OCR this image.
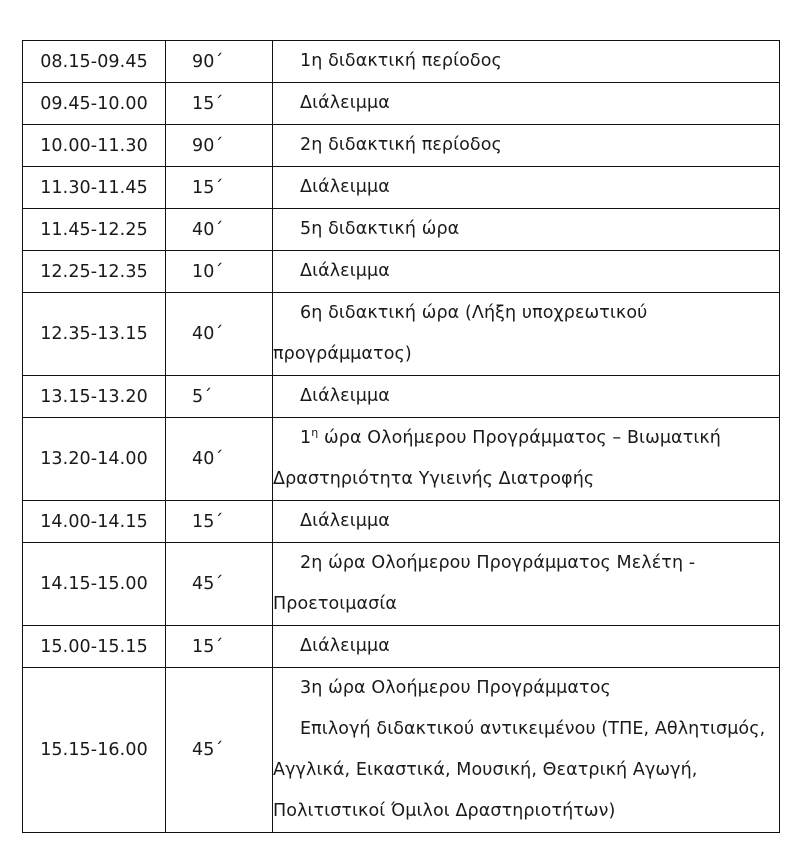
08.15-09.45	90΄	1η διδακτική περίοδος

09.45-10.00	15΄	Διάλειμμα

10.00-11.30	90΄	2η διδακτική περίοδος

11.30-11.45	15΄	Διάλειμμα

11.45-12.25	40΄	5η διδακτική ώρα

12.25-12.35	10΄	Διάλειμμα

12.35-13.15	40΄	6η διδακτική ώρα (Λήξη υποχρεωτικού
προγράμματος)

13.15-13.20	5΄	Διάλειμμα

13.20-14.00	40΄	$1^\eta$ ώρα Ολοήμερου Προγράμματος – Βιωματική
Δραστηριότητα Υγιεινής Διατροφής

14.00-14.15	15΄	Διάλειμμα

14.15-15.00	45΄	2η ώρα Ολοήμερου Προγράμματος Μελέτη -
Προετοιμασία

15.00-15.15	15΄	Διάλειμμα

15.15-16.00	45΄	3η ώρα Ολοήμερου Προγράμματος
Επιλογή διδακτικού αντικειμένου (ΤΠΕ, Αθλητισμός,
Αγγλικά, Εικαστικά, Μουσική, Θεατρική Αγωγή,
Πολιτιστικοί Όμιλοι Δραστηριοτήτων)
